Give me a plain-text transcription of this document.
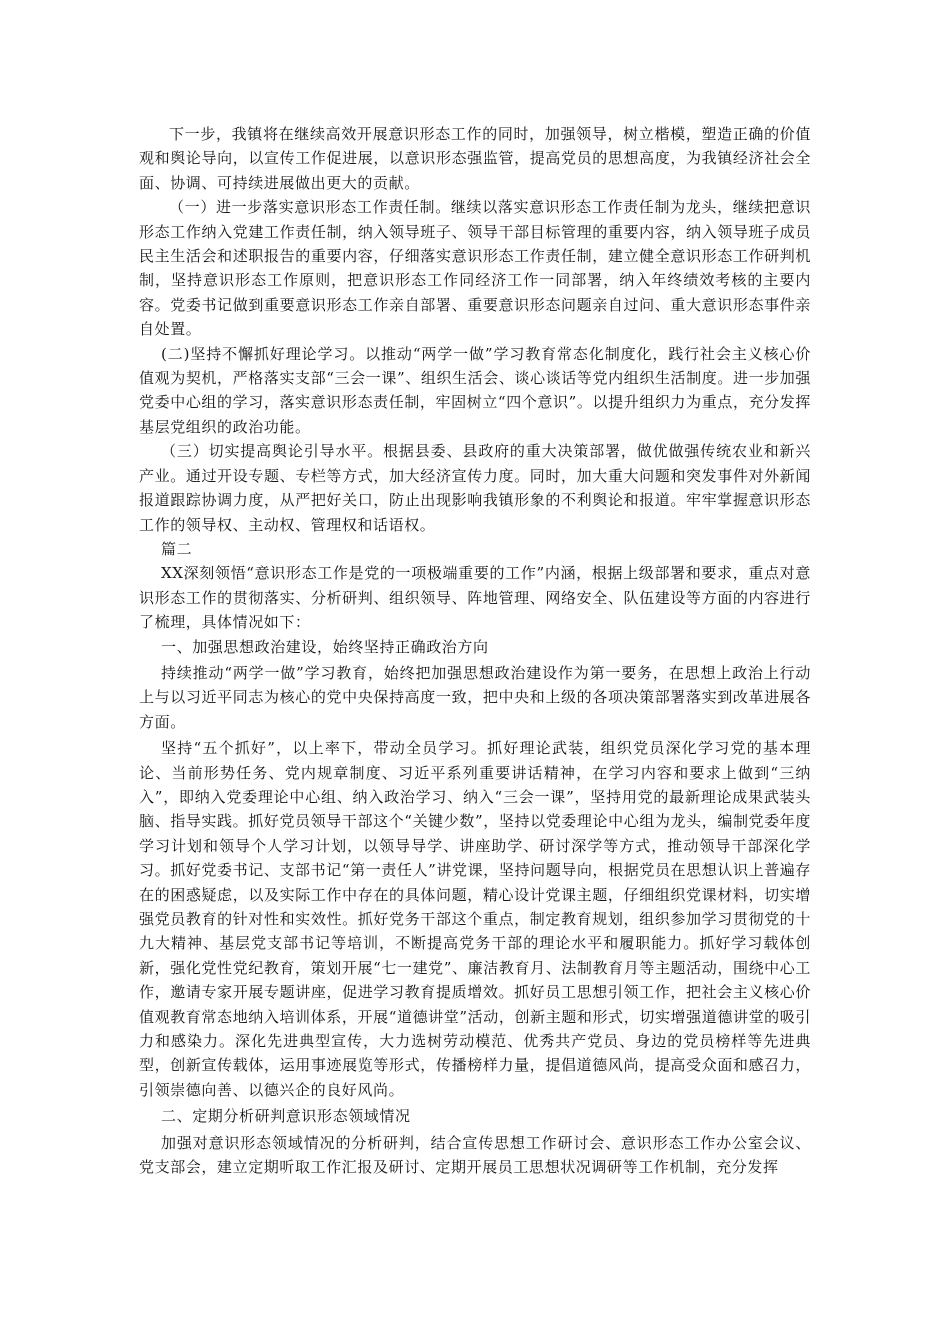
下一步，我镇将在继续高效开展意识形态工作的同时，加强领导，树立楷模，塑造正确的价值观和舆论导向，以宣传工作促进展，以意识形态强监管，提高党员的思想高度，为我镇经济社会全面、协调、可持续进展做出更大的贡献。

（一）进一步落实意识形态工作责任制。继续以落实意识形态工作责任制为龙头，继续把意识形态工作纳入党建工作责任制，纳入领导班子、领导干部目标管理的重要内容，纳入领导班子成员民主生活会和述职报告的重要内容，仔细落实意识形态工作责任制，建立健全意识形态工作研判机制，坚持意识形态工作原则，把意识形态工作同经济工作一同部署，纳入年终绩效考核的主要内容。党委书记做到重要意识形态工作亲自部署、重要意识形态问题亲自过问、重大意识形态事件亲自处置。

(二)坚持不懈抓好理论学习。以推动“两学一做”学习教育常态化制度化，践行社会主义核心价值观为契机，严格落实支部“三会一课”、组织生活会、谈心谈话等党内组织生活制度。进一步加强党委中心组的学习，落实意识形态责任制，牢固树立“四个意识”。以提升组织力为重点，充分发挥基层党组织的政治功能。

（三）切实提高舆论引导水平。根据县委、县政府的重大决策部署，做优做强传统农业和新兴产业。通过开设专题、专栏等方式，加大经济宣传力度。同时，加大重大问题和突发事件对外新闻报道跟踪协调力度，从严把好关口，防止出现影响我镇形象的不利舆论和报道。牢牢掌握意识形态工作的领导权、主动权、管理权和话语权。

篇二

XX深刻领悟“意识形态工作是党的一项极端重要的工作”内涵，根据上级部署和要求，重点对意识形态工作的贯彻落实、分析研判、组织领导、阵地管理、网络安全、队伍建设等方面的内容进行了梳理，具体情况如下：

一、加强思想政治建设，始终坚持正确政治方向

持续推动“两学一做”学习教育，始终把加强思想政治建设作为第一要务，在思想上政治上行动上与以习近平同志为核心的党中央保持高度一致，把中央和上级的各项决策部署落实到改革进展各方面。

坚持“五个抓好”，以上率下，带动全员学习。抓好理论武装，组织党员深化学习党的基本理论、当前形势任务、党内规章制度、习近平系列重要讲话精神，在学习内容和要求上做到“三纳入”，即纳入党委理论中心组、纳入政治学习、纳入“三会一课”，坚持用党的最新理论成果武装头脑、指导实践。抓好党员领导干部这个“关键少数”，坚持以党委理论中心组为龙头，编制党委年度学习计划和领导个人学习计划，以领导导学、讲座助学、研讨深学等方式，推动领导干部深化学习。抓好党委书记、支部书记“第一责任人”讲党课，坚持问题导向，根据党员在思想认识上普遍存在的困惑疑虑，以及实际工作中存在的具体问题，精心设计党课主题，仔细组织党课材料，切实增强党员教育的针对性和实效性。抓好党务干部这个重点，制定教育规划，组织参加学习贯彻党的十九大精神、基层党支部书记等培训，不断提高党务干部的理论水平和履职能力。抓好学习载体创新，强化党性党纪教育，策划开展“七一建党”、廉洁教育月、法制教育月等主题活动，围绕中心工作，邀请专家开展专题讲座，促进学习教育提质增效。抓好员工思想引领工作，把社会主义核心价值观教育常态地纳入培训体系，开展“道德讲堂”活动，创新主题和形式，切实增强道德讲堂的吸引力和感染力。深化先进典型宣传，大力选树劳动模范、优秀共产党员、身边的党员榜样等先进典型，创新宣传载体，运用事迹展览等形式，传播榜样力量，提倡道德风尚，提高受众面和感召力，引领崇德向善、以德兴企的良好风尚。

二、定期分析研判意识形态领域情况

加强对意识形态领域情况的分析研判，结合宣传思想工作研讨会、意识形态工作办公室会议、党支部会，建立定期听取工作汇报及研讨、定期开展员工思想状况调研等工作机制，充分发挥
